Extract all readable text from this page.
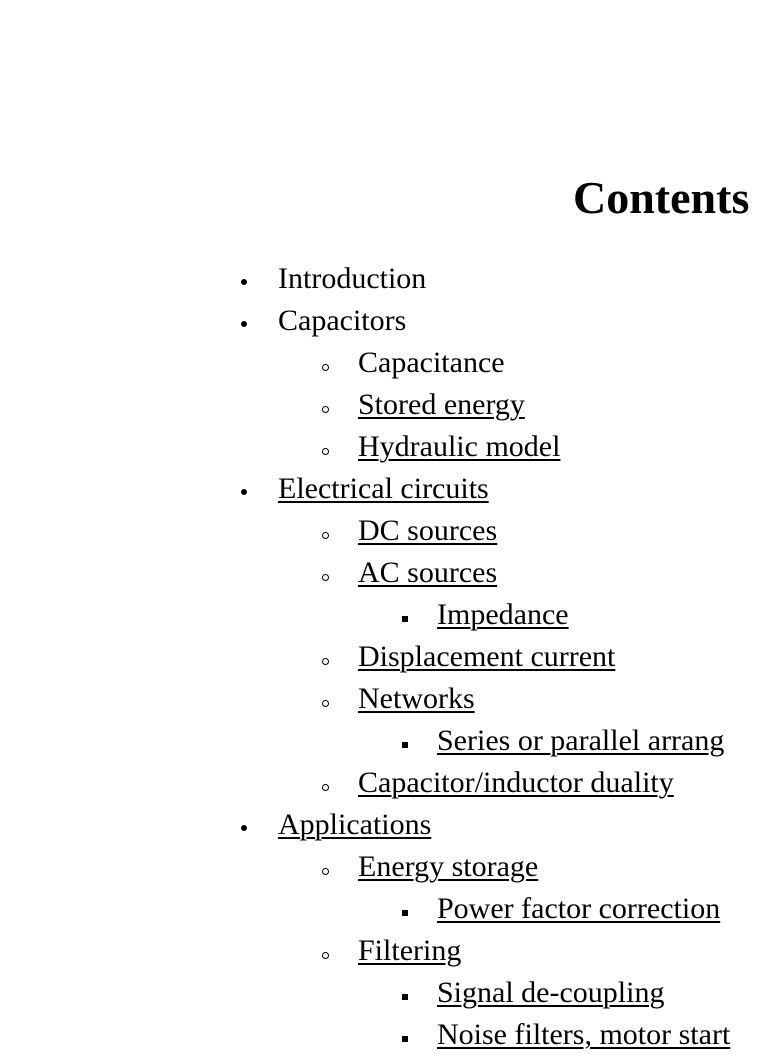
Contents
Introduction
Capacitors
Capacitance
Stored energy
Hydraulic model
Electrical circuits
DC sources
AC sources
Impedance
Displacement current
Networks
Series or parallel arrang
Capacitor/inductor duality
Applications
Energy storage
Power factor correction
Filtering
Signal de-coupling
Noise filters, motor start
